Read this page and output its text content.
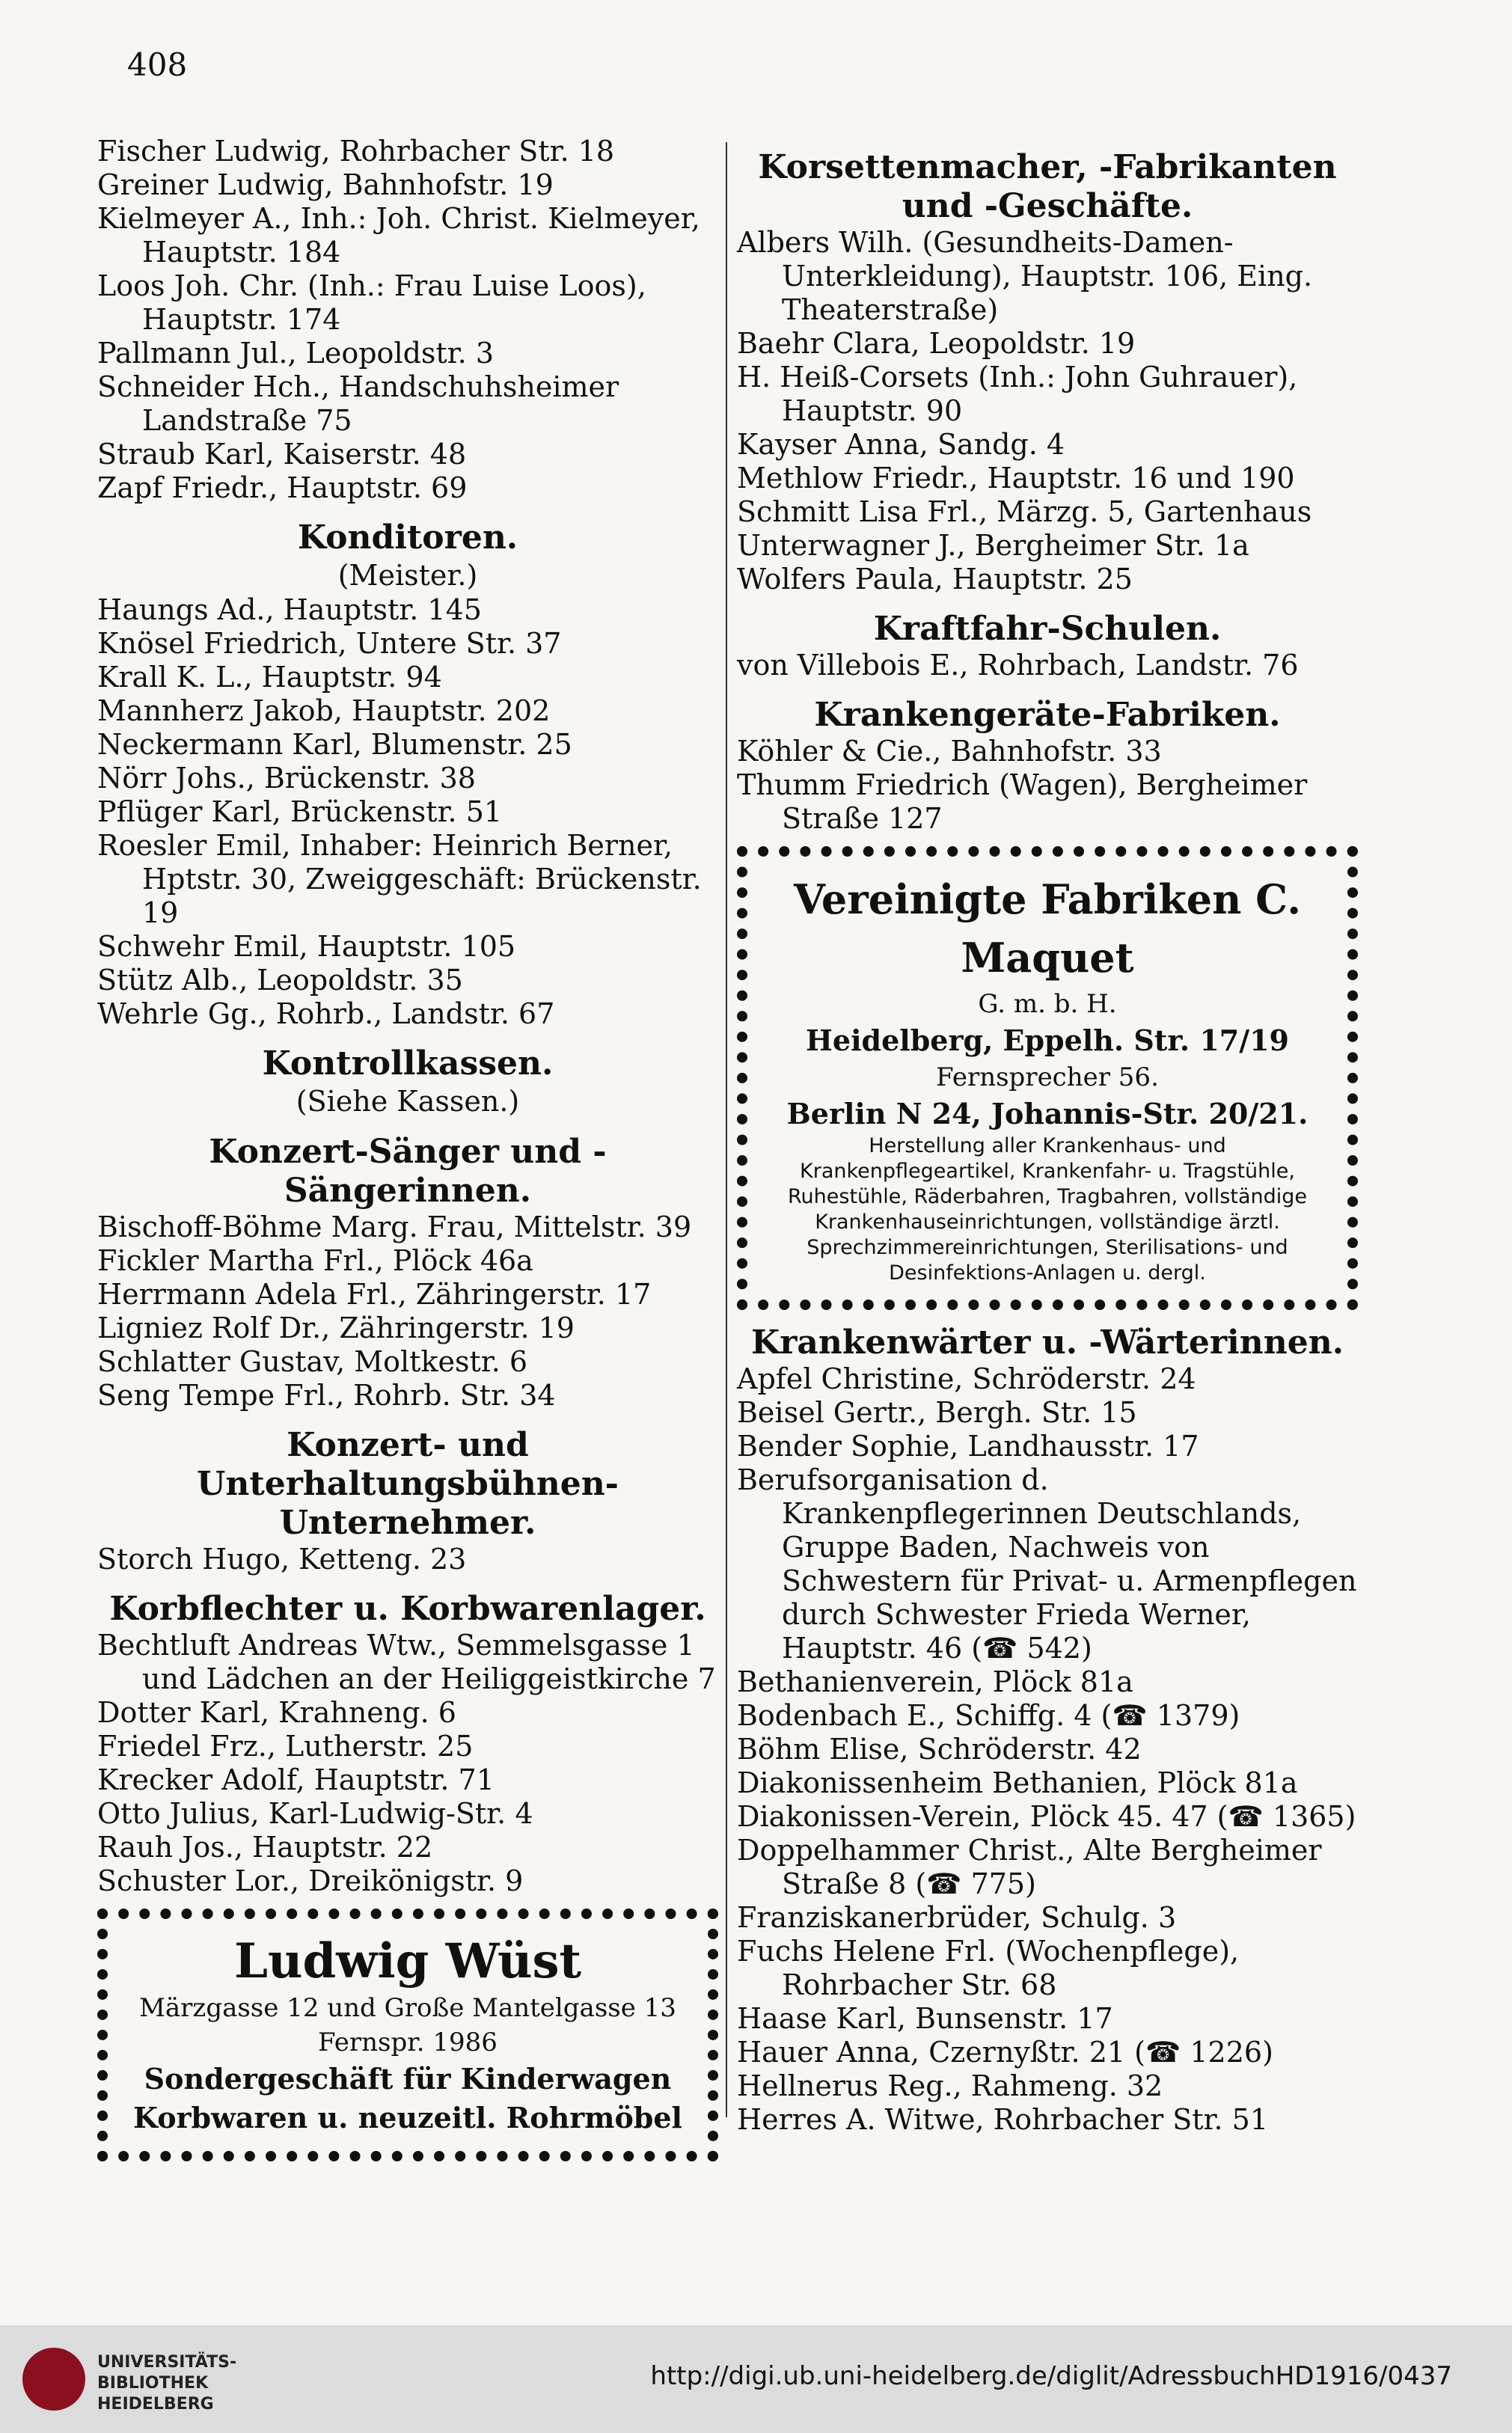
408
Fischer Ludwig, Rohrbacher Str. 18
Greiner Ludwig, Bahnhofstr. 19
Kielmeyer A., Inh.: Joh. Christ. Kielmeyer, Hauptstr. 184
Loos Joh. Chr. (Inh.: Frau Luise Loos), Hauptstr. 174
Pallmann Jul., Leopoldstr. 3
Schneider Hch., Handschuhsheimer Landstraße 75
Straub Karl, Kaiserstr. 48
Zapf Friedr., Hauptstr. 69
Konditoren.
(Meister.)
Haungs Ad., Hauptstr. 145
Knösel Friedrich, Untere Str. 37
Krall K. L., Hauptstr. 94
Mannherz Jakob, Hauptstr. 202
Neckermann Karl, Blumenstr. 25
Nörr Johs., Brückenstr. 38
Pflüger Karl, Brückenstr. 51
Roesler Emil, Inhaber: Heinrich Berner, Hptstr. 30, Zweiggeschäft: Brückenstr. 19
Schwehr Emil, Hauptstr. 105
Stütz Alb., Leopoldstr. 35
Wehrle Gg., Rohrb., Landstr. 67
Kontrollkassen.
(Siehe Kassen.)
Konzert-Sänger und -Sängerinnen.
Bischoff-Böhme Marg. Frau, Mittelstr. 39
Fickler Martha Frl., Plöck 46a
Herrmann Adela Frl., Zähringerstr. 17
Ligniez Rolf Dr., Zähringerstr. 19
Schlatter Gustav, Moltkestr. 6
Seng Tempe Frl., Rohrb. Str. 34
Konzert- und Unterhaltungsbühnen-Unternehmer.
Storch Hugo, Ketteng. 23
Korbflechter u. Korbwarenlager.
Bechtluft Andreas Wtw., Semmelsgasse 1 und Lädchen an der Heiliggeistkirche 7
Dotter Karl, Krahneng. 6
Friedel Frz., Lutherstr. 25
Krecker Adolf, Hauptstr. 71
Otto Julius, Karl-Ludwig-Str. 4
Rauh Jos., Hauptstr. 22
Schuster Lor., Dreikönigstr. 9
Ludwig Wüst
Märzgasse 12 und Große Mantelgasse 13
Fernspr. 1986
Sondergeschäft für Kinderwagen
Korbwaren u. neuzeitl. Rohrmöbel
Korsettenmacher, -Fabrikanten und -Geschäfte.
Albers Wilh. (Gesundheits-Damen-Unterkleidung), Hauptstr. 106, Eing. Theaterstraße)
Baehr Clara, Leopoldstr. 19
H. Heiß-Corsets (Inh.: John Guhrauer), Hauptstr. 90
Kayser Anna, Sandg. 4
Methlow Friedr., Hauptstr. 16 und 190
Schmitt Lisa Frl., Märzg. 5, Gartenhaus
Unterwagner J., Bergheimer Str. 1a
Wolfers Paula, Hauptstr. 25
Kraftfahr-Schulen.
von Villebois E., Rohrbach, Landstr. 76
Krankengeräte-Fabriken.
Köhler & Cie., Bahnhofstr. 33
Thumm Friedrich (Wagen), Bergheimer Straße 127
Vereinigte Fabriken C. Maquet
G. m. b. H.
Heidelberg, Eppelh. Str. 17/19
Fernsprecher 56.
Berlin N 24, Johannis-Str. 20/21.
Herstellung aller Krankenhaus- und Krankenpflegeartikel, Krankenfahr- u. Tragstühle, Ruhestühle, Räderbahren, Tragbahren, vollständige Krankenhauseinrichtungen, vollständige ärztl. Sprechzimmereinrichtungen, Sterilisations- und Desinfektions-Anlagen u. dergl.
Krankenwärter u. -Wärterinnen.
Apfel Christine, Schröderstr. 24
Beisel Gertr., Bergh. Str. 15
Bender Sophie, Landhausstr. 17
Berufsorganisation d. Krankenpflegerinnen Deutschlands, Gruppe Baden, Nachweis von Schwestern für Privat- u. Armenpflegen durch Schwester Frieda Werner, Hauptstr. 46 (☎ 542)
Bethanienverein, Plöck 81a
Bodenbach E., Schiffg. 4 (☎ 1379)
Böhm Elise, Schröderstr. 42
Diakonissenheim Bethanien, Plöck 81a
Diakonissen-Verein, Plöck 45. 47 (☎ 1365)
Doppelhammer Christ., Alte Bergheimer Straße 8 (☎ 775)
Franziskanerbrüder, Schulg. 3
Fuchs Helene Frl. (Wochenpflege), Rohrbacher Str. 68
Haase Karl, Bunsenstr. 17
Hauer Anna, Czernyßtr. 21 (☎ 1226)
Hellnerus Reg., Rahmeng. 32
Herres A. Witwe, Rohrbacher Str. 51
UNIVERSITÄTS-
BIBLIOTHEK
HEIDELBERG
http://digi.ub.uni-heidelberg.de/diglit/AdressbuchHD1916/0437
